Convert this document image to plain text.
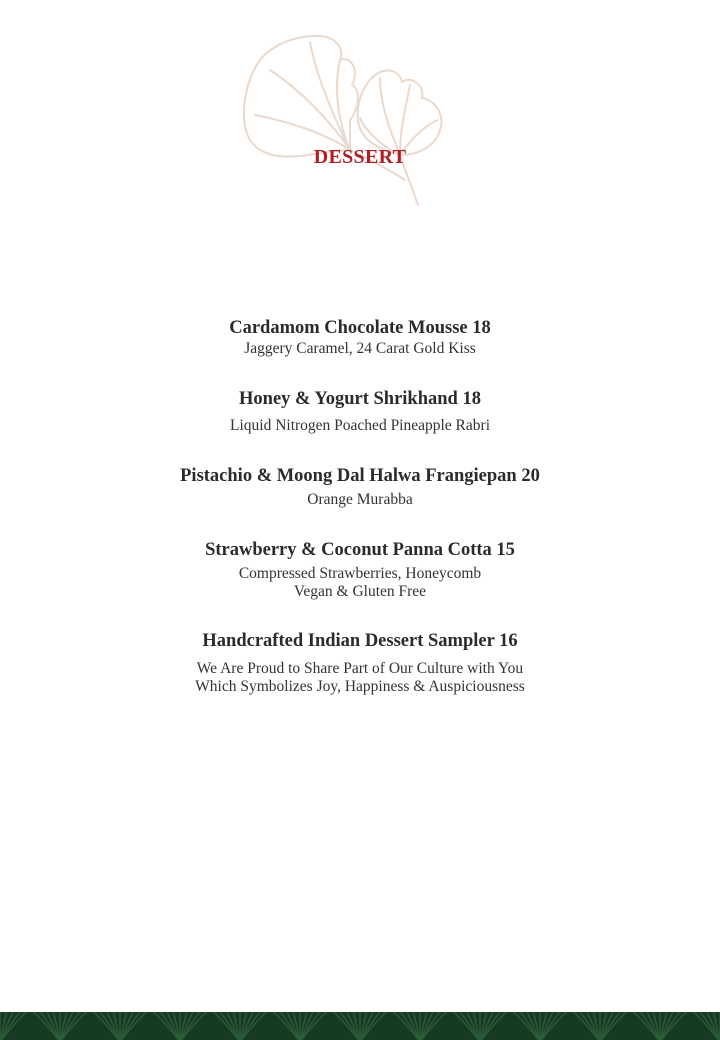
DESSERT
Cardamom Chocolate Mousse 18
Jaggery Caramel, 24 Carat Gold Kiss
Honey & Yogurt Shrikhand 18
Liquid Nitrogen Poached Pineapple Rabri
Pistachio & Moong Dal Halwa Frangiepan 20
Orange Murabba
Strawberry & Coconut Panna Cotta 15
Compressed Strawberries, Honeycomb
Vegan & Gluten Free
Handcrafted Indian Dessert Sampler 16
We Are Proud to Share Part of Our Culture with You
Which Symbolizes Joy, Happiness & Auspiciousness
